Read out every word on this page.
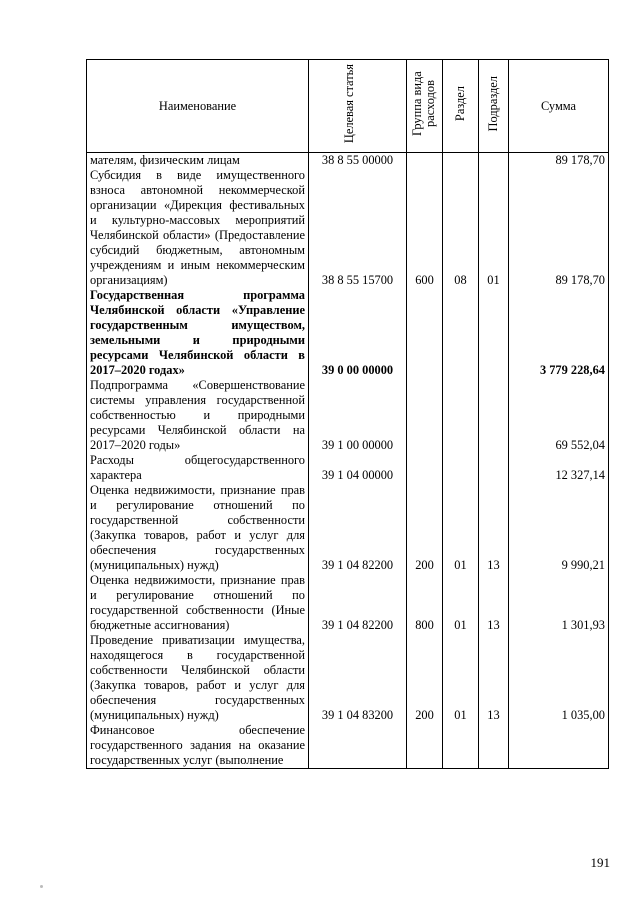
Наименование	Целевая статья	Группа вида расходов	Раздел	Подраздел	Сумма
мателям, физическим лицам	38 8 55 00000				89 178,70
Субсидия в виде имущественного взноса автономной некоммерческой организации «Дирекция фестивальных и культурно-массовых мероприятий Челябинской области» (Предоставление субсидий бюджетным, автономным учреждениям и иным некоммерческим организациям)	38 8 55 15700	600	08	01	89 178,70
Государственная программа Челябинской области «Управление государственным имуществом, земельными и природными ресурсами Челябинской области в 2017–2020 годах»	39 0 00 00000				3 779 228,64
Подпрограмма «Совершенствование системы управления государственной собственностью и природными ресурсами Челябинской области на 2017–2020 годы»	39 1 00 00000				69 552,04
Расходы общегосударственного характера	39 1 04 00000				12 327,14
Оценка недвижимости, признание прав и регулирование отношений по государственной собственности (Закупка товаров, работ и услуг для обеспечения государственных (муниципальных) нужд)	39 1 04 82200	200	01	13	9 990,21
Оценка недвижимости, признание прав и регулирование отношений по государственной собственности (Иные бюджетные ассигнования)	39 1 04 82200	800	01	13	1 301,93
Проведение приватизации имущества, находящегося в государственной собственности Челябинской области (Закупка товаров, работ и услуг для обеспечения государственных (муниципальных) нужд)	39 1 04 83200	200	01	13	1 035,00
Финансовое обеспечение государственного задания на оказание государственных услуг (выполнение					
191
